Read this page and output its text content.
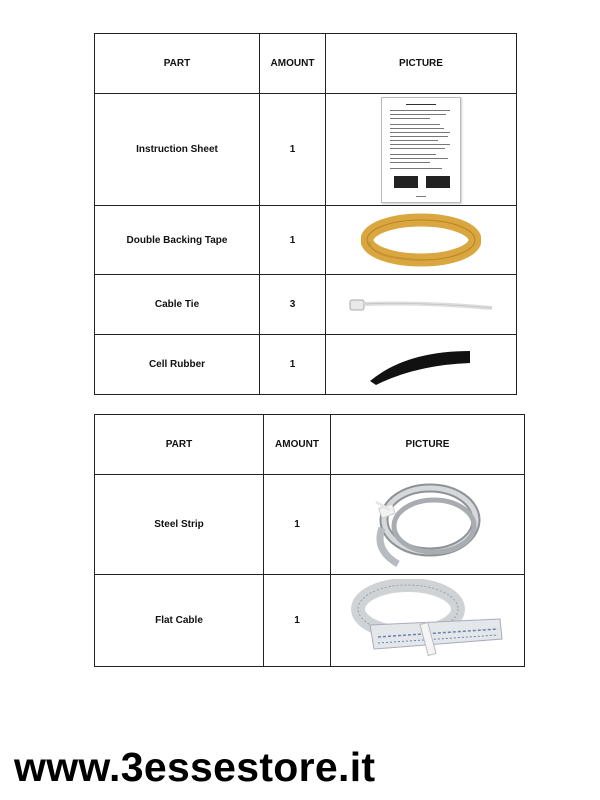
PART	AMOUNT	PICTURE
Instruction Sheet	1	

Double Backing Tape	1	

Cable Tie	3	

Cell Rubber	1	
PART	AMOUNT	PICTURE
Steel Strip	1	

Flat Cable	1	
www.3essestore.it
